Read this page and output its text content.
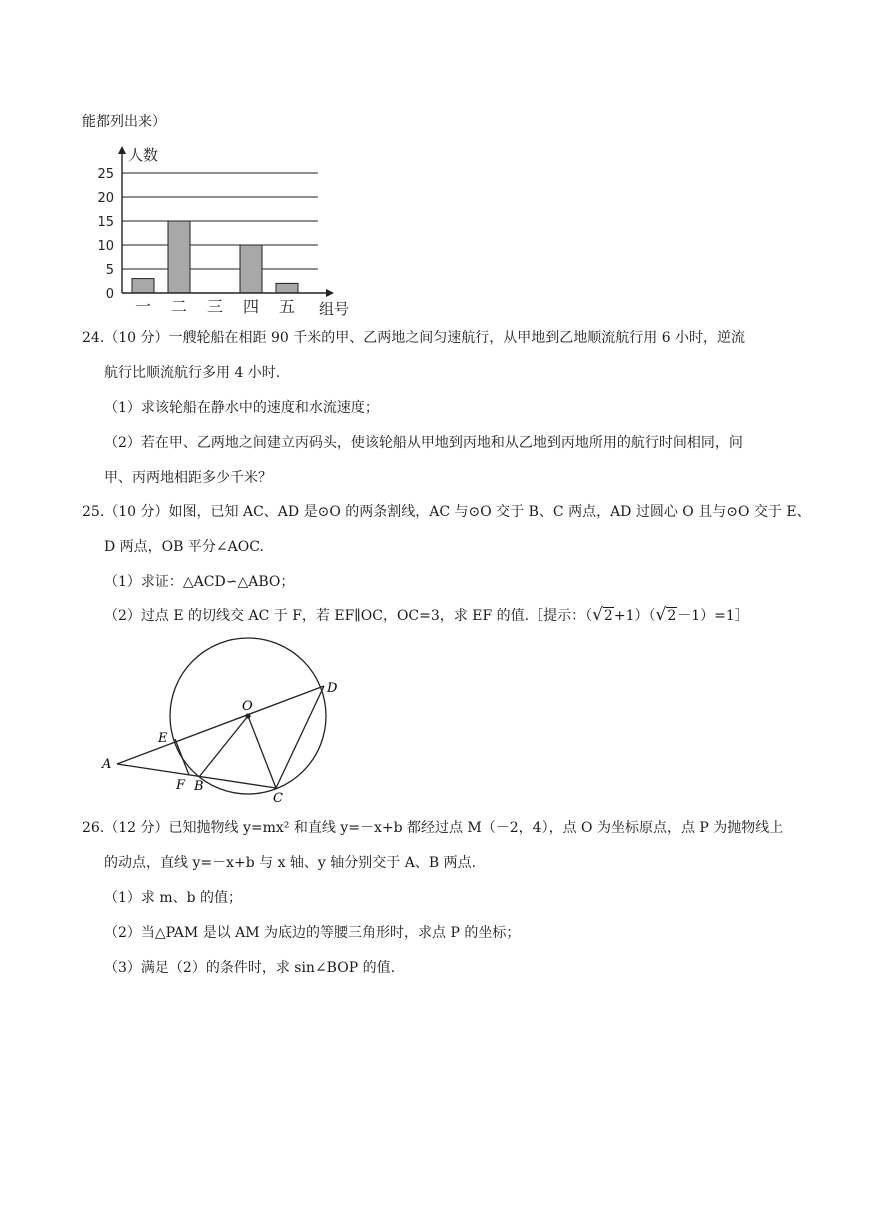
能都列出来）
0
5
10
15
20
25
一 二 三 四 五
人数
组号
24.（10 分）一艘轮船在相距 90 千米的甲、乙两地之间匀速航行，从甲地到乙地顺流航行用 6 小时，逆流
航行比顺流航行多用 4 小时.
（1）求该轮船在静水中的速度和水流速度；
（2）若在甲、乙两地之间建立丙码头，使该轮船从甲地到丙地和从乙地到丙地所用的航行时间相同，问
甲、丙两地相距多少千米？
25.（10 分）如图，已知 AC、AD 是⊙O 的两条割线，AC 与⊙O 交于 B、C 两点，AD 过圆心 O 且与⊙O 交于 E、
D 两点，OB 平分∠AOC.
（1）求证：△ACD∽△ABO；
（2）过点 E 的切线交 AC 于 F，若 EF∥OC，OC=3，求 EF 的值.［提示：（√2+1）（√2－1）=1］
A
E
O
D
F B
C
26.（12 分）已知抛物线 y=mx² 和直线 y=－x+b 都经过点 M（－2，4），点 O 为坐标原点，点 P 为抛物线上
的动点，直线 y=－x+b 与 x 轴、y 轴分别交于 A、B 两点.
（1）求 m、b 的值；
（2）当△PAM 是以 AM 为底边的等腰三角形时，求点 P 的坐标；
（3）满足（2）的条件时，求 sin∠BOP 的值.
